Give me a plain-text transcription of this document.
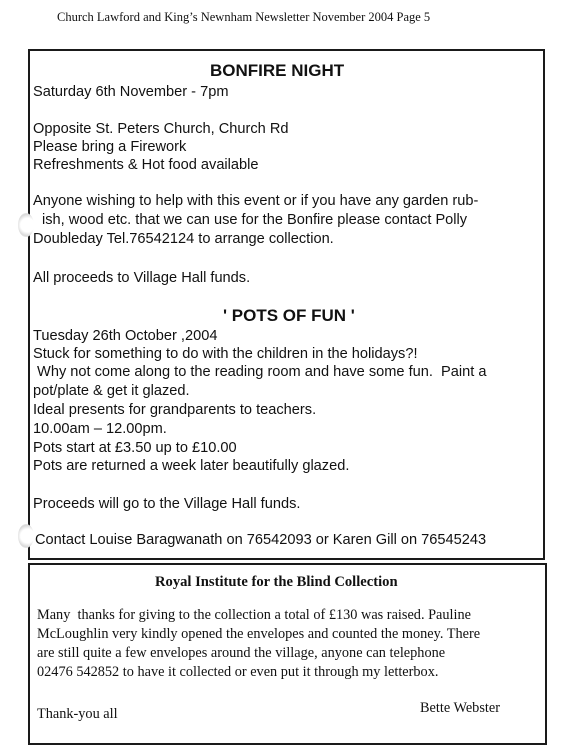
Church Lawford and King’s Newnham Newsletter November 2004 Page 5
BONFIRE NIGHT
Saturday 6th November - 7pm
Opposite St. Peters Church, Church Rd
Please bring a Firework
Refreshments & Hot food available
Anyone wishing to help with this event or if you have any garden rub-
ish, wood etc. that we can use for the Bonfire please contact Polly
Doubleday Tel.76542124 to arrange collection.
All proceeds to Village Hall funds.
' POTS OF FUN '
Tuesday 26th October ,2004
Stuck for something to do with the children in the holidays?!
Why not come along to the reading room and have some fun.  Paint a
pot/plate & get it glazed.
Ideal presents for grandparents to teachers.
10.00am – 12.00pm.
Pots start at £3.50 up to £10.00
Pots are returned a week later beautifully glazed.
Proceeds will go to the Village Hall funds.
Contact Louise Baragwanath on 76542093 or Karen Gill on 76545243
Royal Institute for the Blind Collection
Many  thanks for giving to the collection a total of £130 was raised. Pauline
McLoughlin very kindly opened the envelopes and counted the money. There
are still quite a few envelopes around the village, anyone can telephone
02476 542852 to have it collected or even put it through my letterbox.
Thank-you all	Bette Webster
